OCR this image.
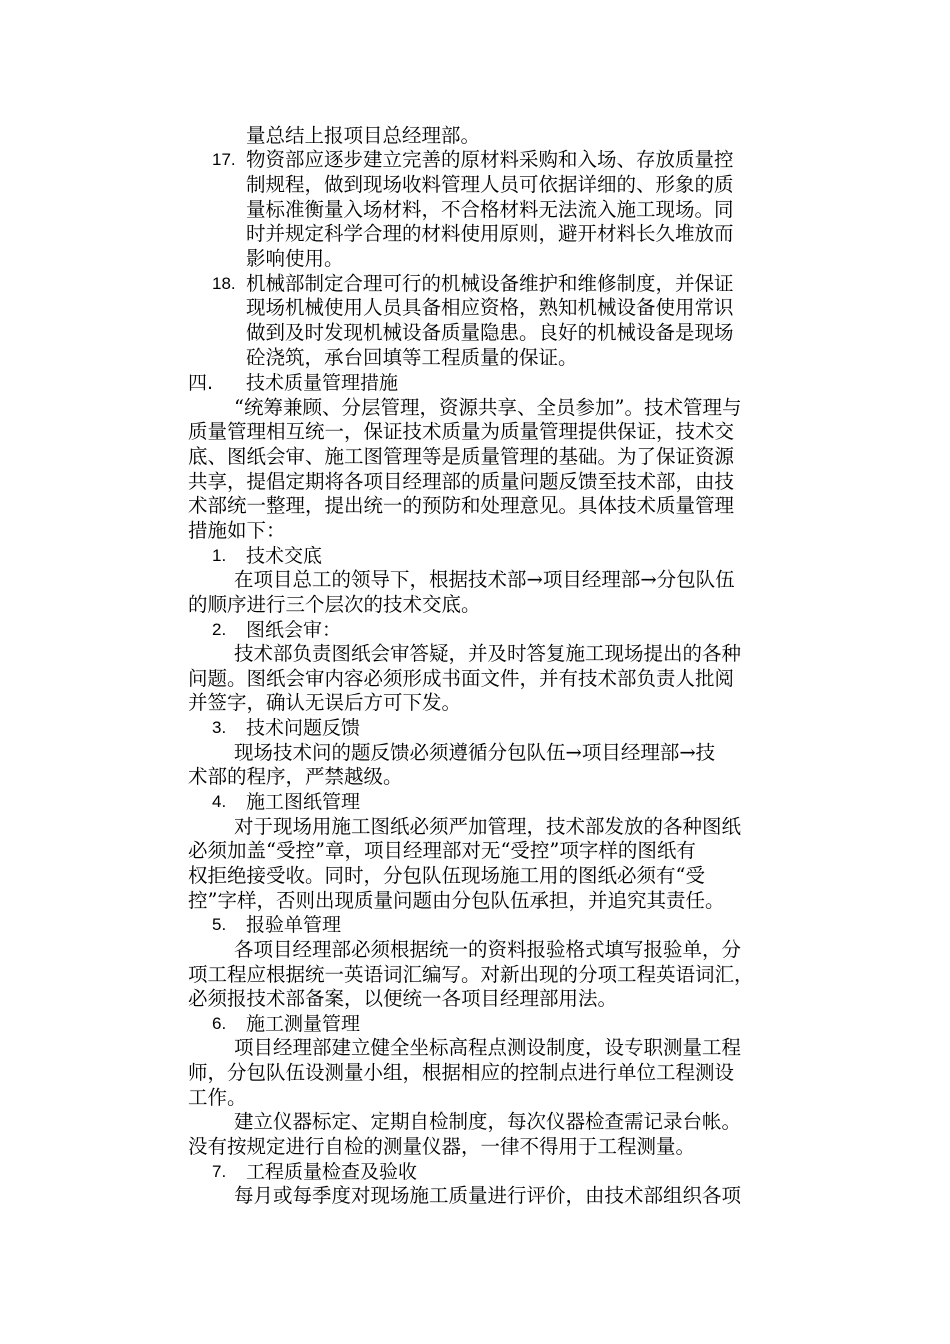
量总结上报项目总经理部。
17. 物资部应逐步建立完善的原材料采购和入场、存放质量控
制规程，做到现场收料管理人员可依据详细的、形象的质
量标准衡量入场材料，不合格材料无法流入施工现场。同
时并规定科学合理的材料使用原则，避开材料长久堆放而
影响使用。
18. 机械部制定合理可行的机械设备维护和维修制度，并保证
现场机械使用人员具备相应资格，熟知机械设备使用常识
做到及时发现机械设备质量隐患。良好的机械设备是现场
砼浇筑，承台回填等工程质量的保证。
四. 技术质量管理措施
“统筹兼顾、分层管理，资源共享、全员参加”。技术管理与
质量管理相互统一，保证技术质量为质量管理提供保证，技术交
底、图纸会审、施工图管理等是质量管理的基础。为了保证资源
共享，提倡定期将各项目经理部的质量问题反馈至技术部，由技
术部统一整理，提出统一的预防和处理意见。具体技术质量管理
措施如下：
1. 技术交底
在项目总工的领导下，根据技术部→项目经理部→分包队伍
的顺序进行三个层次的技术交底。
2. 图纸会审：
技术部负责图纸会审答疑，并及时答复施工现场提出的各种
问题。图纸会审内容必须形成书面文件，并有技术部负责人批阅
并签字，确认无误后方可下发。
3. 技术问题反馈
现场技术问的题反馈必须遵循分包队伍→项目经理部→技
术部的程序，严禁越级。
4. 施工图纸管理
对于现场用施工图纸必须严加管理，技术部发放的各种图纸
必须加盖“受控”章，项目经理部对无“受控”项字样的图纸有
权拒绝接受收。同时，分包队伍现场施工用的图纸必须有“受
控”字样，否则出现质量问题由分包队伍承担，并追究其责任。
5. 报验单管理
各项目经理部必须根据统一的资料报验格式填写报验单，分
项工程应根据统一英语词汇编写。对新出现的分项工程英语词汇，
必须报技术部备案，以便统一各项目经理部用法。
6. 施工测量管理
项目经理部建立健全坐标高程点测设制度，设专职测量工程
师，分包队伍设测量小组，根据相应的控制点进行单位工程测设
工作。
建立仪器标定、定期自检制度，每次仪器检查需记录台帐。
没有按规定进行自检的测量仪器，一律不得用于工程测量。
7. 工程质量检查及验收
每月或每季度对现场施工质量进行评价，由技术部组织各项
